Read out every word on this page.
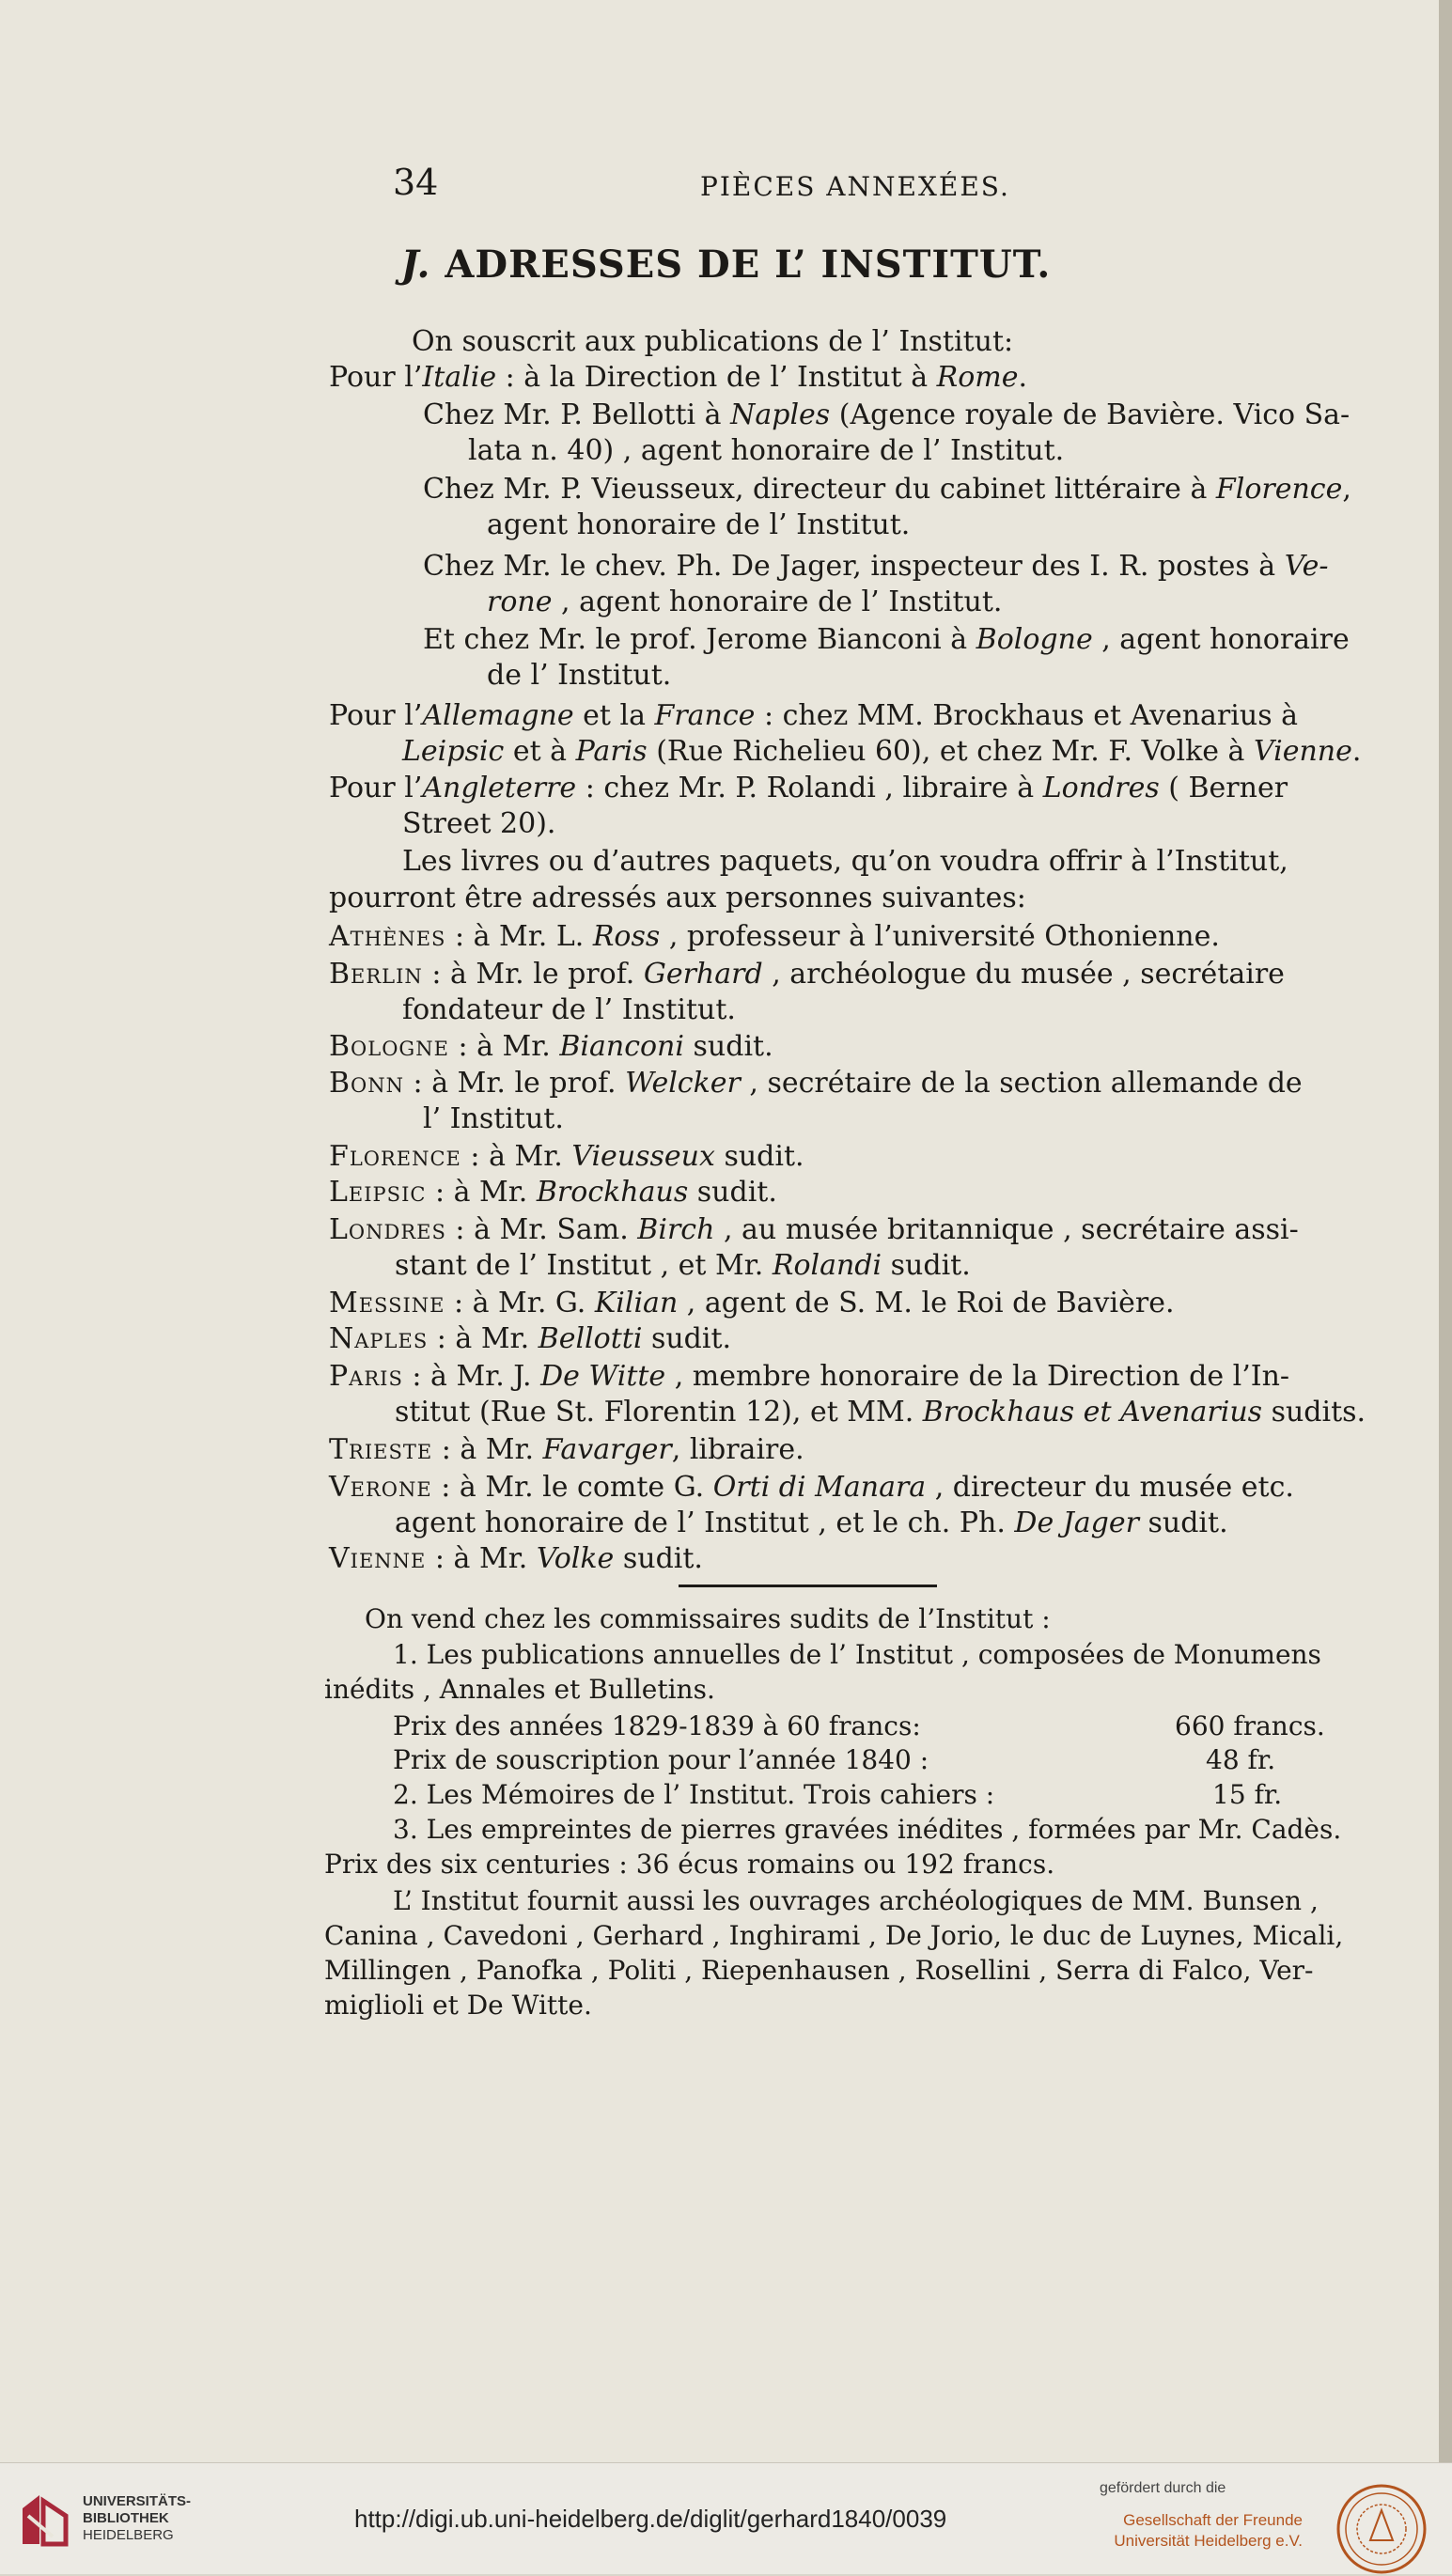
34	PIÈCES ANNEXÉES.
J. ADRESSES DE L’ INSTITUT.
On souscrit aux publications de l’ Institut:
Pour l’Italie : à la Direction de l’ Institut à Rome.
Chez Mr. P. Bellotti à Naples (Agence royale de Bavière. Vico Sa-
lata n. 40) , agent honoraire de l’ Institut.
Chez Mr. P. Vieusseux, directeur du cabinet littéraire à Florence,
agent honoraire de l’ Institut.
Chez Mr. le chev. Ph. De Jager, inspecteur des I. R. postes à Ve-
rone , agent honoraire de l’ Institut.
Et chez Mr. le prof. Jerome Bianconi à Bologne , agent honoraire
de l’ Institut.
Pour l’Allemagne et la France : chez MM. Brockhaus et Avenarius à
Leipsic et à Paris (Rue Richelieu 60), et chez Mr. F. Volke à Vienne.
Pour l’Angleterre : chez Mr. P. Rolandi , libraire à Londres ( Berner
Street 20).
Les livres ou d’autres paquets, qu’on voudra offrir à l’Institut,
pourront être adressés aux personnes suivantes:
Athènes : à Mr. L. Ross , professeur à l’université Othonienne.
Berlin : à Mr. le prof. Gerhard , archéologue du musée , secrétaire
fondateur de l’ Institut.
Bologne : à Mr. Bianconi sudit.
Bonn : à Mr. le prof. Welcker , secrétaire de la section allemande de
l’ Institut.
Florence : à Mr. Vieusseux sudit.
Leipsic : à Mr. Brockhaus sudit.
Londres : à Mr. Sam. Birch , au musée britannique , secrétaire assi-
stant de l’ Institut , et Mr. Rolandi sudit.
Messine : à Mr. G. Kilian , agent de S. M. le Roi de Bavière.
Naples : à Mr. Bellotti sudit.
Paris : à Mr. J. De Witte , membre honoraire de la Direction de l’In-
stitut (Rue St. Florentin 12), et MM. Brockhaus et Avenarius sudits.
Trieste : à Mr. Favarger, libraire.
Verone : à Mr. le comte G. Orti di Manara , directeur du musée etc.
agent honoraire de l’ Institut , et le ch. Ph. De Jager sudit.
Vienne : à Mr. Volke sudit.
On vend chez les commissaires sudits de l’Institut :
1. Les publications annuelles de l’ Institut , composées de Monumens
inédits , Annales et Bulletins.
Prix des années 1829-1839 à 60 francs:
Prix de souscription pour l’année 1840 :
2. Les Mémoires de l’ Institut. Trois cahiers :
3. Les empreintes de pierres gravées inédites , formées par Mr. Cadès.
Prix des six centuries : 36 écus romains ou 192 francs.
L’ Institut fournit aussi les ouvrages archéologiques de MM. Bunsen ,
Canina , Cavedoni , Gerhard , Inghirami , De Jorio, le duc de Luynes, Micali,
Millingen , Panofka , Politi , Riepenhausen , Rosellini , Serra di Falco, Ver-
miglioli et De Witte.
660 francs.
48 fr.
15 fr.
UNIVERSITÄTS-
BIBLIOTHEK
HEIDELBERG
http://digi.ub.uni-heidelberg.de/diglit/gerhard1840/0039
gefördert durch die
Gesellschaft der Freunde
Universität Heidelberg e.V.
